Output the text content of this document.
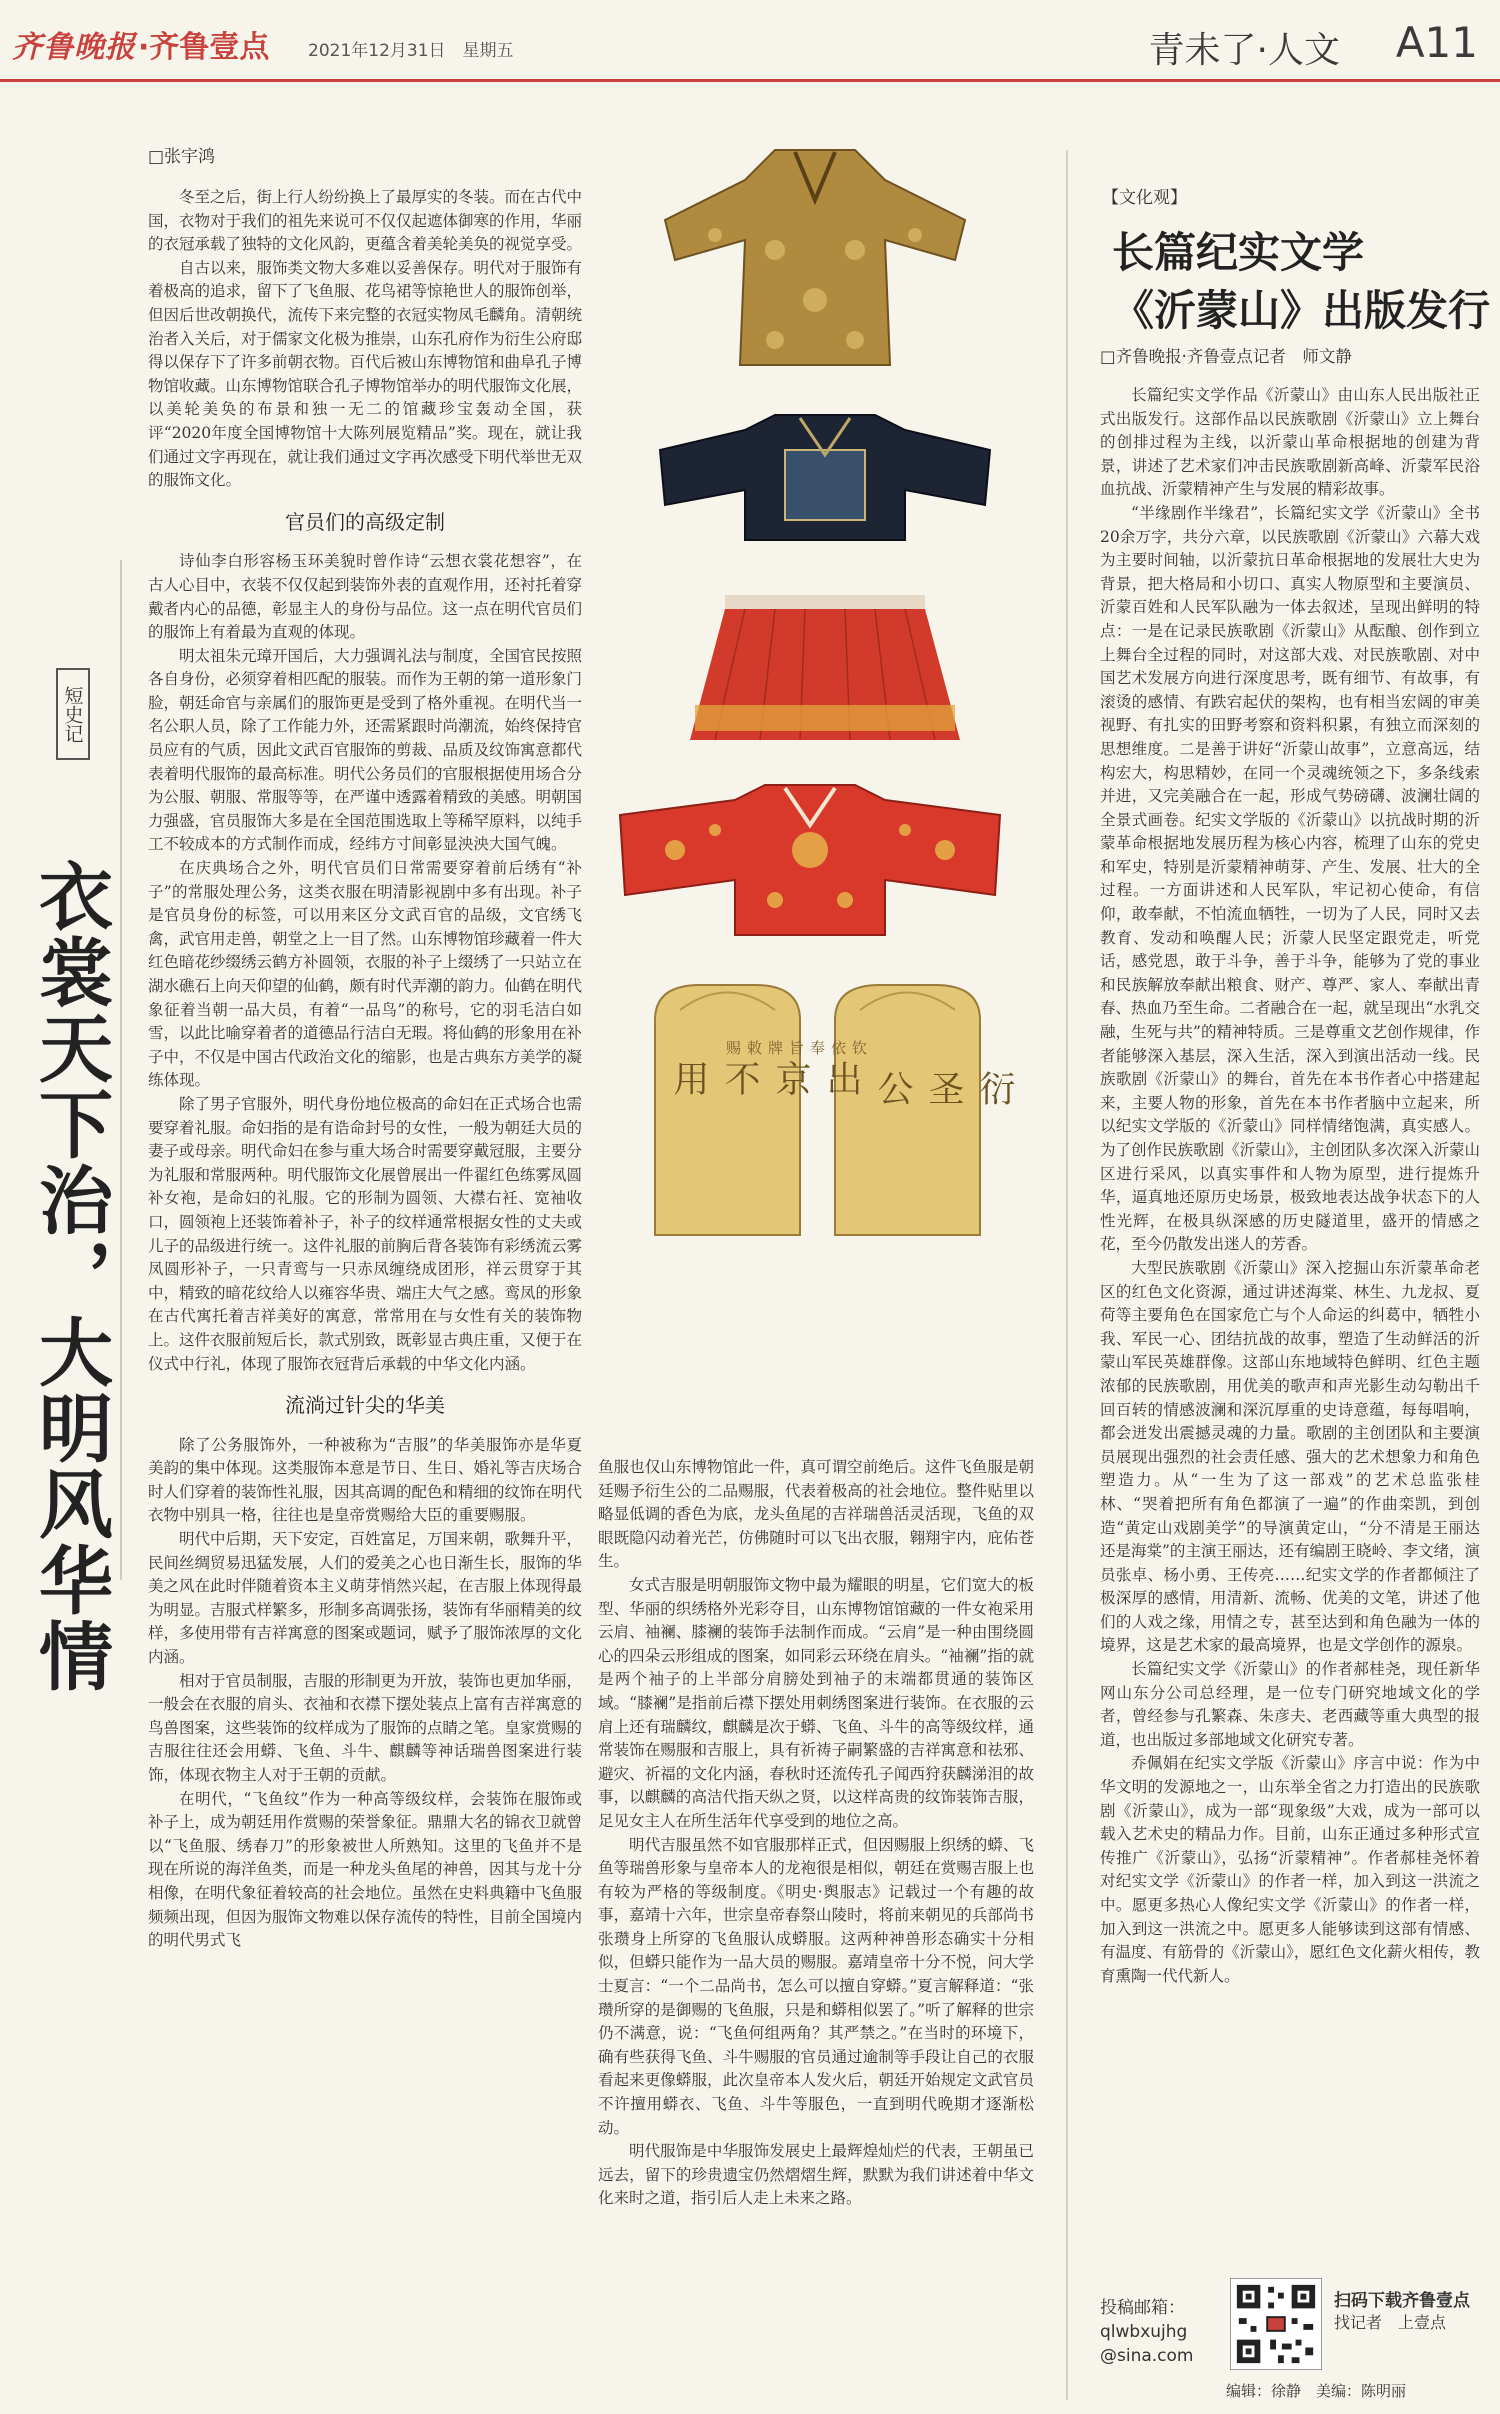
齐鲁晚报 ·齐鲁壹点 2021年12月31日　星期五	青未了·人文 A11
短史记
衣裳天下治，大明风华情
□张宇鸿

冬至之后，街上行人纷纷换上了最厚实的冬装。而在古代中国，衣物对于我们的祖先来说可不仅仅起遮体御寒的作用，华丽的衣冠承载了独特的文化风韵，更蕴含着美轮美奂的视觉享受。

自古以来，服饰类文物大多难以妥善保存。明代对于服饰有着极高的追求，留下了飞鱼服、花鸟裙等惊艳世人的服饰创举，但因后世改朝换代，流传下来完整的衣冠实物凤毛麟角。清朝统治者入关后，对于儒家文化极为推崇，山东孔府作为衍生公府邸得以保存下了许多前朝衣物。百代后被山东博物馆和曲阜孔子博物馆收藏。山东博物馆联合孔子博物馆举办的明代服饰文化展，以美轮美奂的布景和独一无二的馆藏珍宝轰动全国，获评“2020年度全国博物馆十大陈列展览精品”奖。现在，就让我们通过文字再现在，就让我们通过文字再次感受下明代举世无双的服饰文化。

官员们的高级定制

诗仙李白形容杨玉环美貌时曾作诗“云想衣裳花想容”，在古人心目中，衣装不仅仅起到装饰外表的直观作用，还衬托着穿戴者内心的品德，彰显主人的身份与品位。这一点在明代官员们的服饰上有着最为直观的体现。

明太祖朱元璋开国后，大力强调礼法与制度，全国官民按照各自身份，必须穿着相匹配的服装。而作为王朝的第一道形象门脸，朝廷命官与亲属们的服饰更是受到了格外重视。在明代当一名公职人员，除了工作能力外，还需紧跟时尚潮流，始终保持官员应有的气质，因此文武百官服饰的剪裁、品质及纹饰寓意都代表着明代服饰的最高标准。明代公务员们的官服根据使用场合分为公服、朝服、常服等等，在严谨中透露着精致的美感。明朝国力强盛，官员服饰大多是在全国范围选取上等稀罕原料，以纯手工不较成本的方式制作而成，经纬方寸间彰显泱泱大国气魄。

在庆典场合之外，明代官员们日常需要穿着前后绣有“补子”的常服处理公务，这类衣服在明清影视剧中多有出现。补子是官员身份的标签，可以用来区分文武百官的品级，文官绣飞禽，武官用走兽，朝堂之上一目了然。山东博物馆珍藏着一件大红色暗花纱缀绣云鹤方补圆领，衣服的补子上缀绣了一只站立在湖水礁石上向天仰望的仙鹤，颇有时代弄潮的韵力。仙鹤在明代象征着当朝一品大员，有着“一品鸟”的称号，它的羽毛洁白如雪，以此比喻穿着者的道德品行洁白无瑕。将仙鹤的形象用在补子中，不仅是中国古代政治文化的缩影，也是古典东方美学的凝练体现。

除了男子官服外，明代身份地位极高的命妇在正式场合也需要穿着礼服。命妇指的是有诰命封号的女性，一般为朝廷大员的妻子或母亲。明代命妇在参与重大场合时需要穿戴冠服，主要分为礼服和常服两种。明代服饰文化展曾展出一件翟红色练雾凤圆补女袍，是命妇的礼服。它的形制为圆领、大襟右衽、宽袖收口，圆领袍上还装饰着补子，补子的纹样通常根据女性的丈夫或儿子的品级进行统一。这件礼服的前胸后背各装饰有彩绣流云雾凤圆形补子，一只青鸾与一只赤凤缠绕成团形，祥云贯穿于其中，精致的暗花纹给人以雍容华贵、端庄大气之感。鸾凤的形象在古代寓托着吉祥美好的寓意，常常用在与女性有关的装饰物上。这件衣服前短后长，款式别致，既彰显古典庄重，又便于在仪式中行礼，体现了服饰衣冠背后承载的中华文化内涵。

流淌过针尖的华美

除了公务服饰外，一种被称为“吉服”的华美服饰亦是华夏美韵的集中体现。这类服饰本意是节日、生日、婚礼等吉庆场合时人们穿着的装饰性礼服，因其高调的配色和精细的纹饰在明代衣物中别具一格，往往也是皇帝赏赐给大臣的重要赐服。

明代中后期，天下安定，百姓富足，万国来朝，歌舞升平，民间丝绸贸易迅猛发展，人们的爱美之心也日渐生长，服饰的华美之风在此时伴随着资本主义萌芽悄然兴起，在吉服上体现得最为明显。吉服式样繁多，形制多高调张扬，装饰有华丽精美的纹样，多使用带有吉祥寓意的图案或题词，赋予了服饰浓厚的文化内涵。

相对于官员制服，吉服的形制更为开放，装饰也更加华丽，一般会在衣服的肩头、衣袖和衣襟下摆处装点上富有吉祥寓意的鸟兽图案，这些装饰的纹样成为了服饰的点睛之笔。皇家赏赐的吉服往往还会用蟒、飞鱼、斗牛、麒麟等神话瑞兽图案进行装饰，体现衣物主人对于王朝的贡献。

在明代，“飞鱼纹”作为一种高等级纹样，会装饰在服饰或补子上，成为朝廷用作赏赐的荣誉象征。鼎鼎大名的锦衣卫就曾以“飞鱼服、绣春刀”的形象被世人所熟知。这里的飞鱼并不是现在所说的海洋鱼类，而是一种龙头鱼尾的神兽，因其与龙十分相像，在明代象征着较高的社会地位。虽然在史料典籍中飞鱼服频频出现，但因为服饰文物难以保存流传的特性，目前全国境内的明代男式飞

出京不用
钦依奉旨牌敕赐
衍圣公

鱼服也仅山东博物馆此一件，真可谓空前绝后。这件飞鱼服是朝廷赐予衍生公的二品赐服，代表着极高的社会地位。整件贴里以略显低调的香色为底，龙头鱼尾的吉祥瑞兽活灵活现，飞鱼的双眼既隐闪动着光芒，仿佛随时可以飞出衣服，翱翔宇内，庇佑苍生。

女式吉服是明朝服饰文物中最为耀眼的明星，它们宽大的板型、华丽的织绣格外光彩夺目，山东博物馆馆藏的一件女袍采用云肩、袖襕、膝襕的装饰手法制作而成。“云肩”是一种由围绕圆心的四朵云形组成的图案，如同彩云环绕在肩头。“袖襕”指的就是两个袖子的上半部分肩膀处到袖子的末端都贯通的装饰区域。“膝襕”是指前后襟下摆处用刺绣图案进行装饰。在衣服的云肩上还有瑞麟纹，麒麟是次于蟒、飞鱼、斗牛的高等级纹样，通常装饰在赐服和吉服上，具有祈祷子嗣繁盛的吉祥寓意和祛邪、避灾、祈福的文化内涵，春秋时还流传孔子闻西狩获麟涕泪的故事，以麒麟的高洁代指天纵之贤，以这样高贵的纹饰装饰吉服，足见女主人在所生活年代享受到的地位之高。

明代吉服虽然不如官服那样正式，但因赐服上织绣的蟒、飞鱼等瑞兽形象与皇帝本人的龙袍很是相似，朝廷在赏赐吉服上也有较为严格的等级制度。《明史·舆服志》记载过一个有趣的故事，嘉靖十六年，世宗皇帝春祭山陵时，将前来朝见的兵部尚书张瓒身上所穿的飞鱼服认成蟒服。这两种神兽形态确实十分相似，但蟒只能作为一品大员的赐服。嘉靖皇帝十分不悦，问大学士夏言：“一个二品尚书，怎么可以擅自穿蟒。”夏言解释道：“张瓒所穿的是御赐的飞鱼服，只是和蟒相似罢了。”听了解释的世宗仍不满意，说：“飞鱼何组两角？其严禁之。”在当时的环境下，确有些获得飞鱼、斗牛赐服的官员通过逾制等手段让自己的衣服看起来更像蟒服，此次皇帝本人发火后，朝廷开始规定文武官员不许擅用蟒衣、飞鱼、斗牛等服色，一直到明代晚期才逐渐松动。

明代服饰是中华服饰发展史上最辉煌灿烂的代表，王朝虽已远去，留下的珍贵遗宝仍然熠熠生辉，默默为我们讲述着中华文化来时之道，指引后人走上未来之路。

【文化观】
长篇纪实文学
《沂蒙山》出版发行
□齐鲁晚报·齐鲁壹点记者　师文静

长篇纪实文学作品《沂蒙山》由山东人民出版社正式出版发行。这部作品以民族歌剧《沂蒙山》立上舞台的创排过程为主线，以沂蒙山革命根据地的创建为背景，讲述了艺术家们冲击民族歌剧新高峰、沂蒙军民浴血抗战、沂蒙精神产生与发展的精彩故事。

“半缘剧作半缘君”，长篇纪实文学《沂蒙山》全书20余万字，共分六章，以民族歌剧《沂蒙山》六幕大戏为主要时间轴，以沂蒙抗日革命根据地的发展壮大史为背景，把大格局和小切口、真实人物原型和主要演员、沂蒙百姓和人民军队融为一体去叙述，呈现出鲜明的特点：一是在记录民族歌剧《沂蒙山》从酝酿、创作到立上舞台全过程的同时，对这部大戏、对民族歌剧、对中国艺术发展方向进行深度思考，既有细节、有故事，有滚烫的感情、有跌宕起伏的架构，也有相当宏阔的审美视野、有扎实的田野考察和资料积累，有独立而深刻的思想维度。二是善于讲好“沂蒙山故事”，立意高远，结构宏大，构思精妙，在同一个灵魂统领之下，多条线索并进，又完美融合在一起，形成气势磅礴、波澜壮阔的全景式画卷。纪实文学版的《沂蒙山》以抗战时期的沂蒙革命根据地发展历程为核心内容，梳理了山东的党史和军史，特别是沂蒙精神萌芽、产生、发展、壮大的全过程。一方面讲述和人民军队，牢记初心使命，有信仰，敢奉献，不怕流血牺牲，一切为了人民，同时又去教育、发动和唤醒人民；沂蒙人民坚定跟党走，听党话，感党恩，敢于斗争，善于斗争，能够为了党的事业和民族解放奉献出粮食、财产、尊严、家人、奉献出青春、热血乃至生命。二者融合在一起，就呈现出“水乳交融，生死与共”的精神特质。三是尊重文艺创作规律，作者能够深入基层，深入生活，深入到演出活动一线。民族歌剧《沂蒙山》的舞台，首先在本书作者心中搭建起来，主要人物的形象，首先在本书作者脑中立起来，所以纪实文学版的《沂蒙山》同样情绪饱满，真实感人。为了创作民族歌剧《沂蒙山》，主创团队多次深入沂蒙山区进行采风，以真实事件和人物为原型，进行提炼升华，逼真地还原历史场景，极致地表达战争状态下的人性光辉，在极具纵深感的历史隧道里，盛开的情感之花，至今仍散发出迷人的芳香。

大型民族歌剧《沂蒙山》深入挖掘山东沂蒙革命老区的红色文化资源，通过讲述海棠、林生、九龙叔、夏荷等主要角色在国家危亡与个人命运的纠葛中，牺牲小我、军民一心、团结抗战的故事，塑造了生动鲜活的沂蒙山军民英雄群像。这部山东地域特色鲜明、红色主题浓郁的民族歌剧，用优美的歌声和声光影生动勾勒出千回百转的情感波澜和深沉厚重的史诗意蕴，每每唱响，都会迸发出震撼灵魂的力量。歌剧的主创团队和主要演员展现出强烈的社会责任感、强大的艺术想象力和角色塑造力。从“一生为了这一部戏”的艺术总监张桂林、“哭着把所有角色都演了一遍”的作曲栾凯，到创造“黄定山戏剧美学”的导演黄定山，“分不清是王丽达还是海棠”的主演王丽达，还有编剧王晓岭、李文绪，演员张卓、杨小勇、王传亮……纪实文学的作者都倾注了极深厚的感情，用清新、流畅、优美的文笔，讲述了他们的人戏之缘，用情之专，甚至达到和角色融为一体的境界，这是艺术家的最高境界，也是文学创作的源泉。

长篇纪实文学《沂蒙山》的作者郝桂尧，现任新华网山东分公司总经理，是一位专门研究地域文化的学者，曾经参与孔繁森、朱彦夫、老西藏等重大典型的报道，也出版过多部地域文化研究专著。

乔佩娟在纪实文学版《沂蒙山》序言中说：作为中华文明的发源地之一，山东举全省之力打造出的民族歌剧《沂蒙山》，成为一部“现象级”大戏，成为一部可以载入艺术史的精品力作。目前，山东正通过多种形式宣传推广《沂蒙山》，弘扬“沂蒙精神”。作者郝桂尧怀着对纪实文学《沂蒙山》的作者一样，加入到这一洪流之中。愿更多热心人像纪实文学《沂蒙山》的作者一样，加入到这一洪流之中。愿更多人能够读到这部有情感、有温度、有筋骨的《沂蒙山》，愿红色文化薪火相传，教育熏陶一代代新人。

投稿邮箱：
qlwbxujhg
@sina.com
扫码下载齐鲁壹点
找记者　上壹点
编辑：徐静　美编：陈明丽
